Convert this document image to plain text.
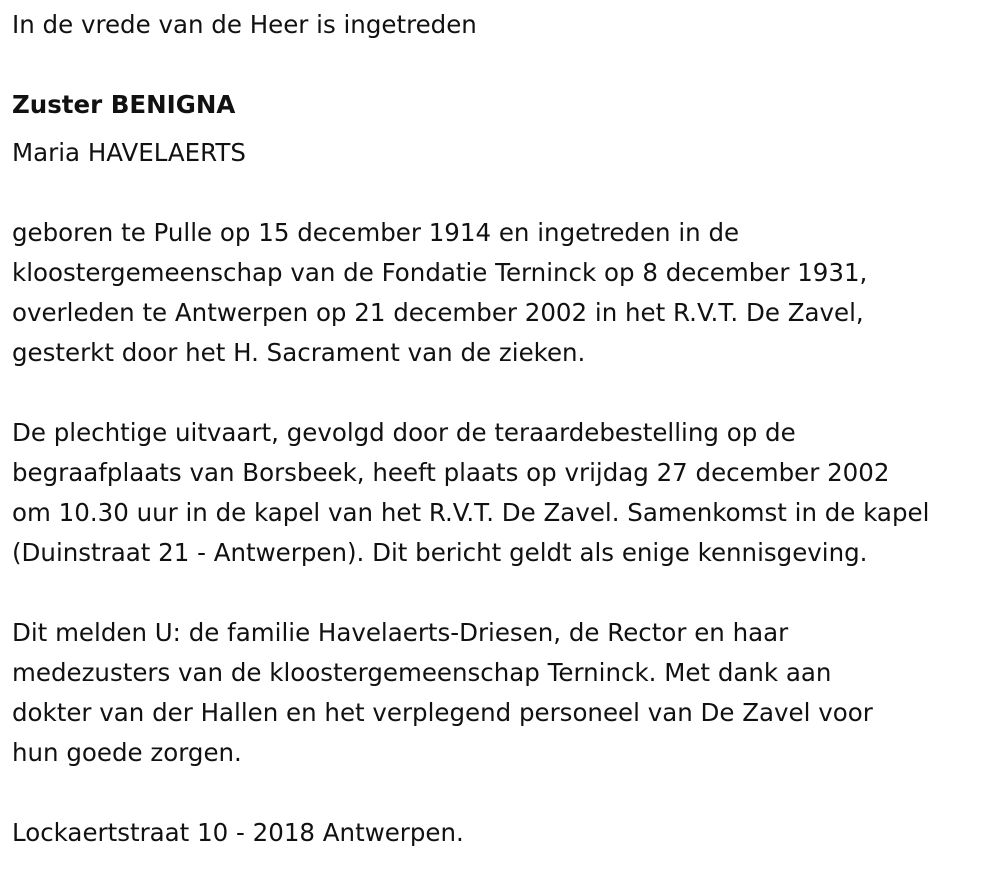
In de vrede van de Heer is ingetreden
Zuster BENIGNA
Maria HAVELAERTS
geboren te Pulle op 15 december 1914 en ingetreden in de
kloostergemeenschap van de Fondatie Terninck op 8 december 1931,
overleden te Antwerpen op 21 december 2002 in het R.V.T. De Zavel,
gesterkt door het H. Sacrament van de zieken.
De plechtige uitvaart, gevolgd door de teraardebestelling op de
begraafplaats van Borsbeek, heeft plaats op vrijdag 27 december 2002
om 10.30 uur in de kapel van het R.V.T. De Zavel. Samenkomst in de kapel
(Duinstraat 21 - Antwerpen). Dit bericht geldt als enige kennisgeving.
Dit melden U: de familie Havelaerts-Driesen, de Rector en haar
medezusters van de kloostergemeenschap Terninck. Met dank aan
dokter van der Hallen en het verplegend personeel van De Zavel voor
hun goede zorgen.
Lockaertstraat 10 - 2018 Antwerpen.
